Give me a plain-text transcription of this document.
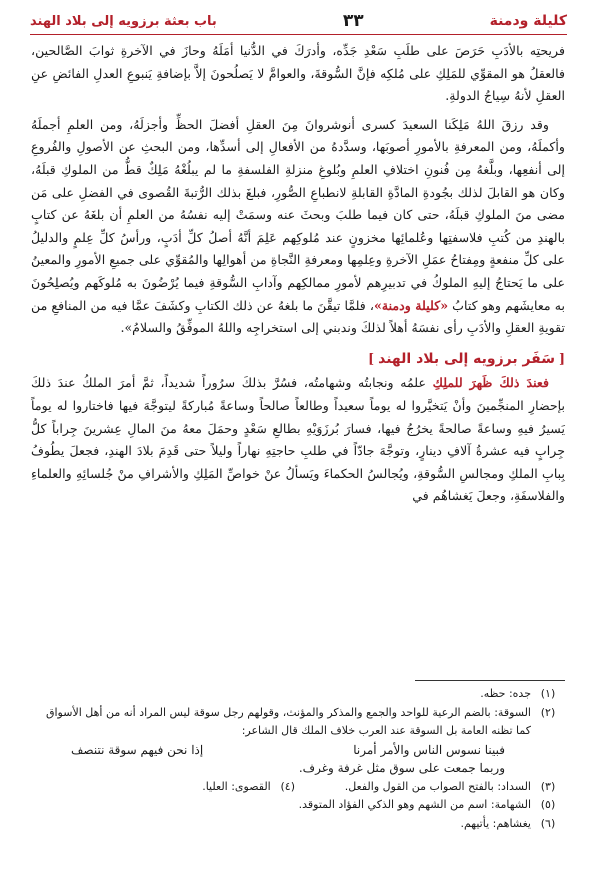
كليلة ودمنة
٣٣
باب بعثة برزويه إلى بلاد الهند

فريحتِه بالأدَبِ حَرَصَ على طلَبِ سَعْدِ جَدِّه، وأدرَكَ في الدُّنيا أمَلَهُ وحازَ في الآخرةِ ثوابَ الصَّالحين، فالعقلُ هو المقوِّي للمَلِكِ على مُلكِه فإنَّ السُّوقةَ، والعوامَّ لا يَصلُحونَ إلاَّ بإضافةِ يَنبوعِ العدلِ الفائضِ عنِ العقلِ لأنهُ سِياجُ الدولةِ.

وقد رزقَ اللهُ مَلِكَنا السعيدَ كسرى أنوشروانَ مِنَ العقلِ أفضلَ الحظِّ وأجزلَهُ، ومن العلمِ أجملَهُ وأكملَهُ، ومن المعرفةِ بالأمورِ أصوبَها، وسدَّدهُ من الأفعالِ إلى أسدِّها، ومن البحثِ عن الأصولِ والفُروعِ إلى أنفعِها، وبلَّغهُ مِن فُنونِ اختلافِ العلمِ وبُلوغِ منزلةِ الفلسفةِ ما لم يبلُغْهُ مَلِكٌ قطُّ من الملوكِ قبلَهُ، وكان هو القابلَ لذلك بجُودةِ المادَّةِ القابلةِ لانطباعِ الصُّورِ، فبلغَ بذلك الرُّتبةَ القُصوى في الفضلِ على مَن مضى منَ الملوكِ قبلَهُ، حتى كان فيما طلبَ وبحثَ عنه وسمَتْ إليه نفسُهُ من العلمِ أن بلغَهُ عن كتابٍ بالهندِ من كُتبِ فلاسفتِها وعُلمائِها مخزونٍ عند مُلوكِهم عَلِمَ أنَّهُ أصلُ كلِّ أدَبٍ، ورأسُ كلِّ عِلمٍ والدليلُ على كلِّ منفعةٍ ومِفتاحُ عمَلِ الآخرةِ وعِلمِها ومعرفةِ النَّجاةِ من أهوالِها والمُقوِّي على جميعِ الأمورِ والمعينُ على ما يَحتاجُ إليهِ الملوكُ في تدبيرِهم لأمورِ ممالكِهم وآدابِ السُّوقةِ فيما يُرْضُونَ به مُلوكَهم ويُصلِحُونَ به معايشَهم وهو كتابُ «كليلة ودمنة»، فلمَّا تيقَّنَ ما بلغهُ عن ذلك الكتابِ وكشَفَ عمَّا فيه من المنافعِ من تقويةِ العقلِ والأدَبِ رأى نفسَهُ أهلاً لذلكَ وندبني إلى استخراجِه واللهُ الموفِّقُ والسلامُ».

[سَفَر برزويه إلى بلاد الهند]

فعندَ ذلكَ ظَهرَ للملِكِ علمُه ونجابتُه وشهامتُه، فسُرَّ بذلكَ سرُوراً شديداً، ثمَّ أمرَ الملكُ عندَ ذلكَ بإحضارِ المنجِّمينَ وأنْ يَتخيَّروا له يوماً سعيداً وطالعاً صالحاً وساعةً مُباركةً ليتوجَّهَ فيها فاختاروا له يوماً يَسيرُ فيهِ وساعةً صالحةً يخرُجُ فيها، فسارَ بُرزَوَيْهِ بطالعِ سَعْدٍ وحمَلَ معهُ منَ المالِ عِشرينَ جِراباً كلُّ جِرابٍ فيه عشرةُ آلافِ دينارٍ، وتوجَّهَ جادّاً في طلبِ حاجتِهِ نهاراً وليلاً حتى قَدِمَ بلادَ الهندِ، فجعلَ يطُوفُ بِبابِ الملكِ ومجالسِ السُّوقةِ، ويُجالسُ الحكماءَ ويَسألُ عنْ خواصِّ المَلِكِ والأشرافِ منْ جُلسائِهِ والعلماءِ والفلاسفَةِ، وجعلَ يَغشاهُم في

(١)
جده: حظه.
(٢)
السوقة: بالضم الرعية للواحد والجمع والمذكر والمؤنث، وقولهم رجل سوقة ليس المراد أنه من أهل الأسواق كما تظنه العامة بل السوقة عند العرب خلاف الملك قال الشاعر:
فبينا نسوس الناس والأمر أمرنا
إذا نحن فيهم سوقة نتنصف
وربما جمعت على سوق مثل غرفة وغرف.
(٣)
السداد: بالفتح الصواب من القول والفعل.
(٤)
القصوى: العليا.
(٥)
الشهامة: اسم من الشهم وهو الذكي الفؤاد المتوقد.
(٦)
يغشاهم: يأتيهم.
